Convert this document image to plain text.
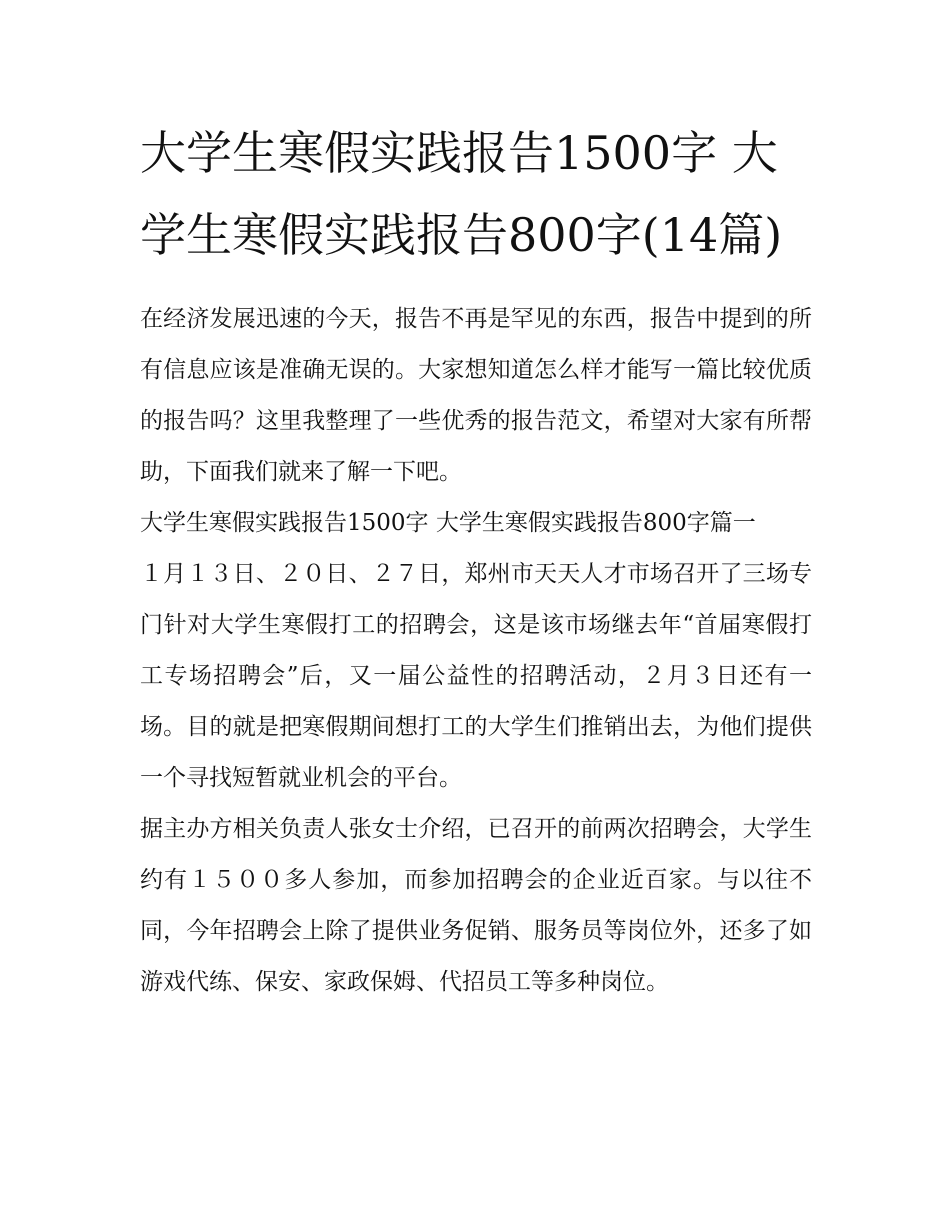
大学生寒假实践报告1500字 大学生寒假实践报告800字(14篇)

在经济发展迅速的今天，报告不再是罕见的东西，报告中提到的所有信息应该是准确无误的。大家想知道怎么样才能写一篇比较优质的报告吗？这里我整理了一些优秀的报告范文，希望对大家有所帮助，下面我们就来了解一下吧。

大学生寒假实践报告1500字 大学生寒假实践报告800字篇一

１月１３日、２０日、２７日，郑州市天天人才市场召开了三场专门针对大学生寒假打工的招聘会，这是该市场继去年“首届寒假打工专场招聘会”后，又一届公益性的招聘活动，２月３日还有一场。目的就是把寒假期间想打工的大学生们推销出去，为他们提供一个寻找短暂就业机会的平台。

据主办方相关负责人张女士介绍，已召开的前两次招聘会，大学生约有１５００多人参加，而参加招聘会的企业近百家。与以往不同，今年招聘会上除了提供业务促销、服务员等岗位外，还多了如游戏代练、保安、家政保姆、代招员工等多种岗位。
